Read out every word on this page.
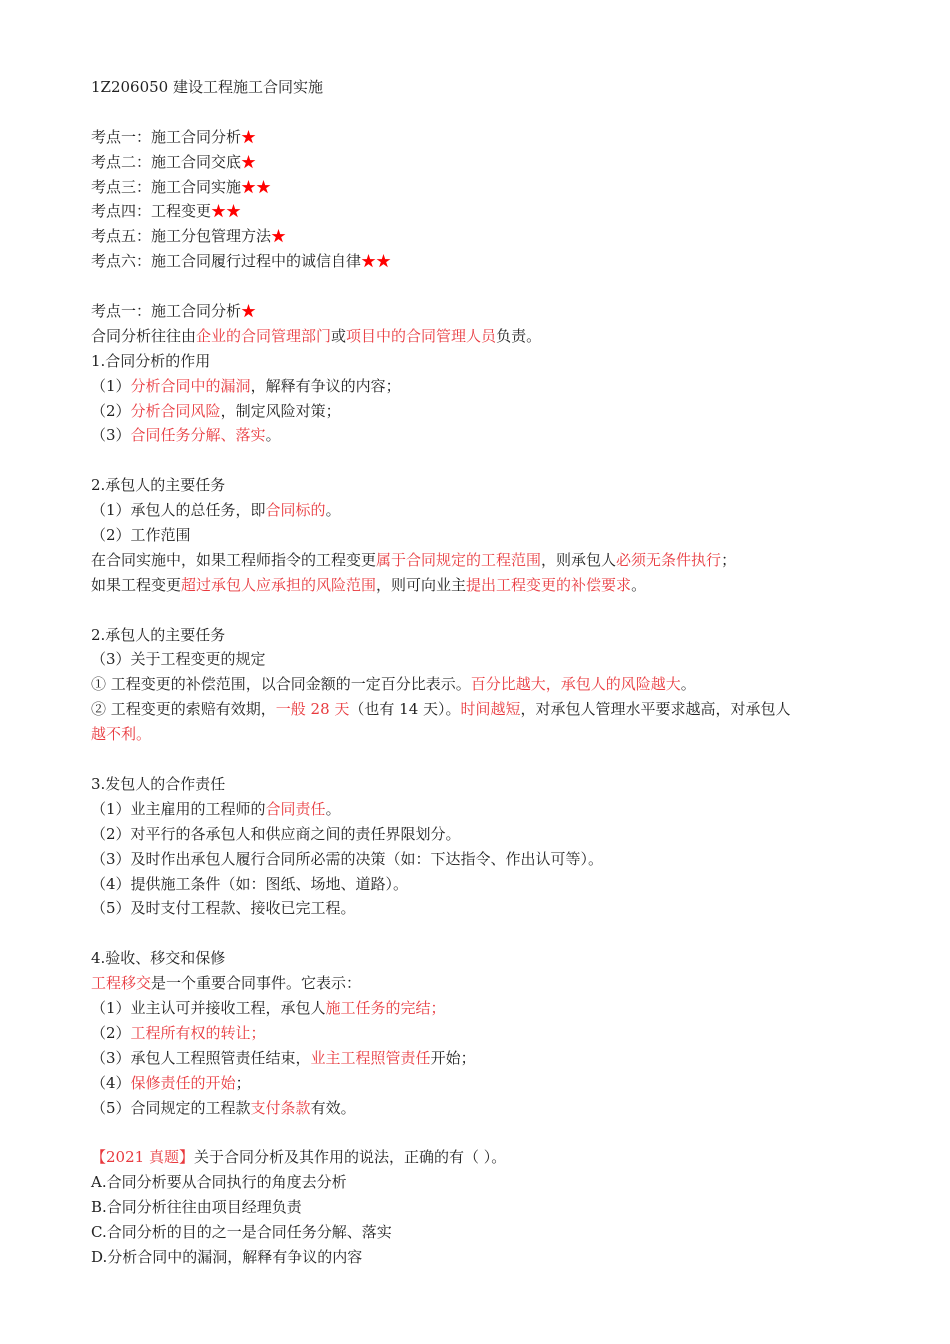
1Z206050 建设工程施工合同实施
考点一：施工合同分析★
考点二：施工合同交底★
考点三：施工合同实施★★
考点四：工程变更★★
考点五：施工分包管理方法★
考点六：施工合同履行过程中的诚信自律★★
考点一：施工合同分析★
合同分析往往由企业的合同管理部门或项目中的合同管理人员负责。
1.合同分析的作用
（1）分析合同中的漏洞，解释有争议的内容；
（2）分析合同风险，制定风险对策；
（3）合同任务分解、落实。
2.承包人的主要任务
（1）承包人的总任务，即合同标的。
（2）工作范围
在合同实施中，如果工程师指令的工程变更属于合同规定的工程范围，则承包人必须无条件执行；
如果工程变更超过承包人应承担的风险范围，则可向业主提出工程变更的补偿要求。
2.承包人的主要任务
（3）关于工程变更的规定
① 工程变更的补偿范围，以合同金额的一定百分比表示。百分比越大，承包人的风险越大。
② 工程变更的索赔有效期，一般 28 天（也有 14 天）。时间越短，对承包人管理水平要求越高，对承包人
越不利。
3.发包人的合作责任
（1）业主雇用的工程师的合同责任。
（2）对平行的各承包人和供应商之间的责任界限划分。
（3）及时作出承包人履行合同所必需的决策（如：下达指令、作出认可等）。
（4）提供施工条件（如：图纸、场地、道路）。
（5）及时支付工程款、接收已完工程。
4.验收、移交和保修
工程移交是一个重要合同事件。它表示：
（1）业主认可并接收工程，承包人施工任务的完结；
（2）工程所有权的转让；
（3）承包人工程照管责任结束，业主工程照管责任开始；
（4）保修责任的开始；
（5）合同规定的工程款支付条款有效。
【2021 真题】关于合同分析及其作用的说法，正确的有（ ）。
A.合同分析要从合同执行的角度去分析
B.合同分析往往由项目经理负责
C.合同分析的目的之一是合同任务分解、落实
D.分析合同中的漏洞，解释有争议的内容
